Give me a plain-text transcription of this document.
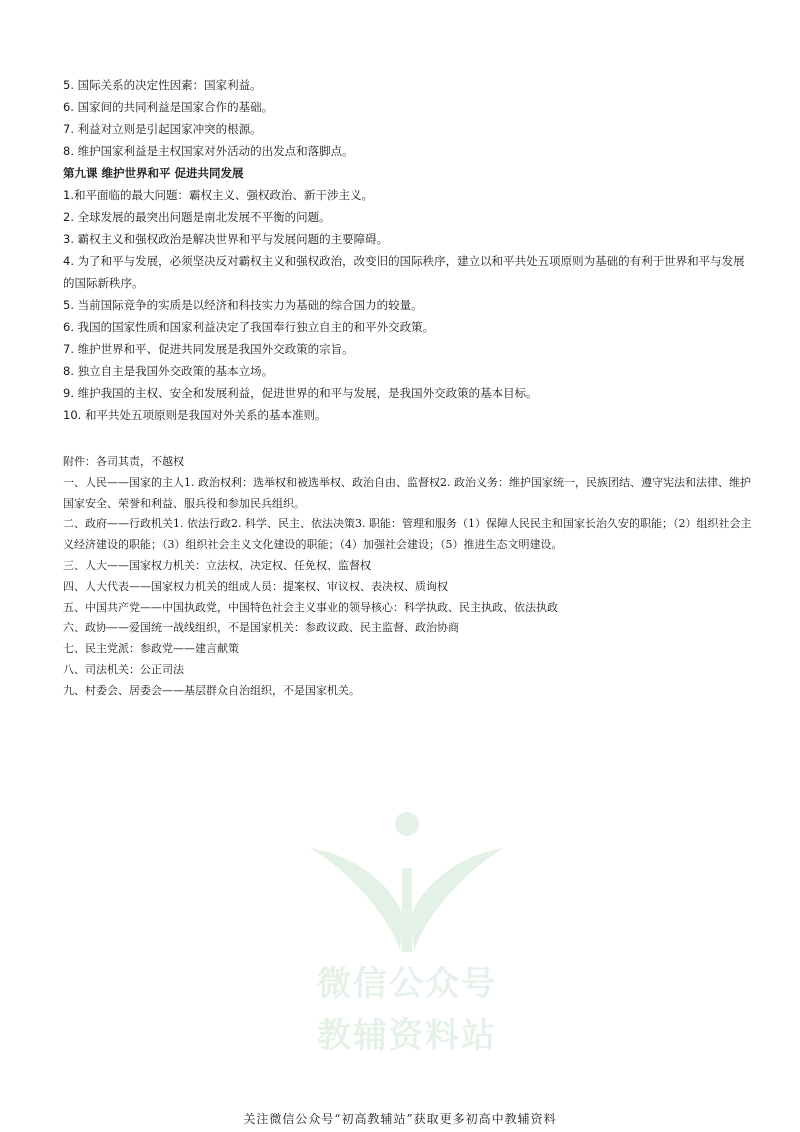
5. 国际关系的决定性因素：国家利益。
6. 国家间的共同利益是国家合作的基础。
7. 利益对立则是引起国家冲突的根源。
8. 维护国家利益是主权国家对外活动的出发点和落脚点。
第九课 维护世界和平 促进共同发展
1.和平面临的最大问题：霸权主义、强权政治、新干涉主义。
2. 全球发展的最突出问题是南北发展不平衡的问题。
3. 霸权主义和强权政治是解决世界和平与发展问题的主要障碍。
4. 为了和平与发展，必须坚决反对霸权主义和强权政治，改变旧的国际秩序，建立以和平共处五项原则为基础的有利于世界和平与发展的国际新秩序。
5. 当前国际竞争的实质是以经济和科技实力为基础的综合国力的较量。
6. 我国的国家性质和国家利益决定了我国奉行独立自主的和平外交政策。
7. 维护世界和平、促进共同发展是我国外交政策的宗旨。
8. 独立自主是我国外交政策的基本立场。
9. 维护我国的主权、安全和发展利益，促进世界的和平与发展，是我国外交政策的基本目标。
10. 和平共处五项原则是我国对外关系的基本准则。
附件：各司其责，不越权
一、人民——国家的主人1. 政治权利：选举权和被选举权、政治自由、监督权2. 政治义务：维护国家统一，民族团结、遵守宪法和法律、维护国家安全、荣誉和利益、服兵役和参加民兵组织。
二、政府——行政机关1. 依法行政2. 科学、民主、依法决策3. 职能：管理和服务（1）保障人民民主和国家长治久安的职能；（2）组织社会主义经济建设的职能；（3）组织社会主义文化建设的职能；（4）加强社会建设；（5）推进生态文明建设。
三、人大——国家权力机关：立法权、决定权、任免权、监督权
四、人大代表——国家权力机关的组成人员：提案权、审议权、表决权、质询权
五、中国共产党——中国执政党，中国特色社会主义事业的领导核心：科学执政、民主执政、依法执政
六、政协——爱国统一战线组织，不是国家机关：参政议政、民主监督、政治协商
七、民主党派：参政党——建言献策
八、司法机关：公正司法
九、村委会、居委会——基层群众自治组织，不是国家机关。
微信公众号
教辅资料站
关注微信公众号“初高教辅站”获取更多初高中教辅资料
